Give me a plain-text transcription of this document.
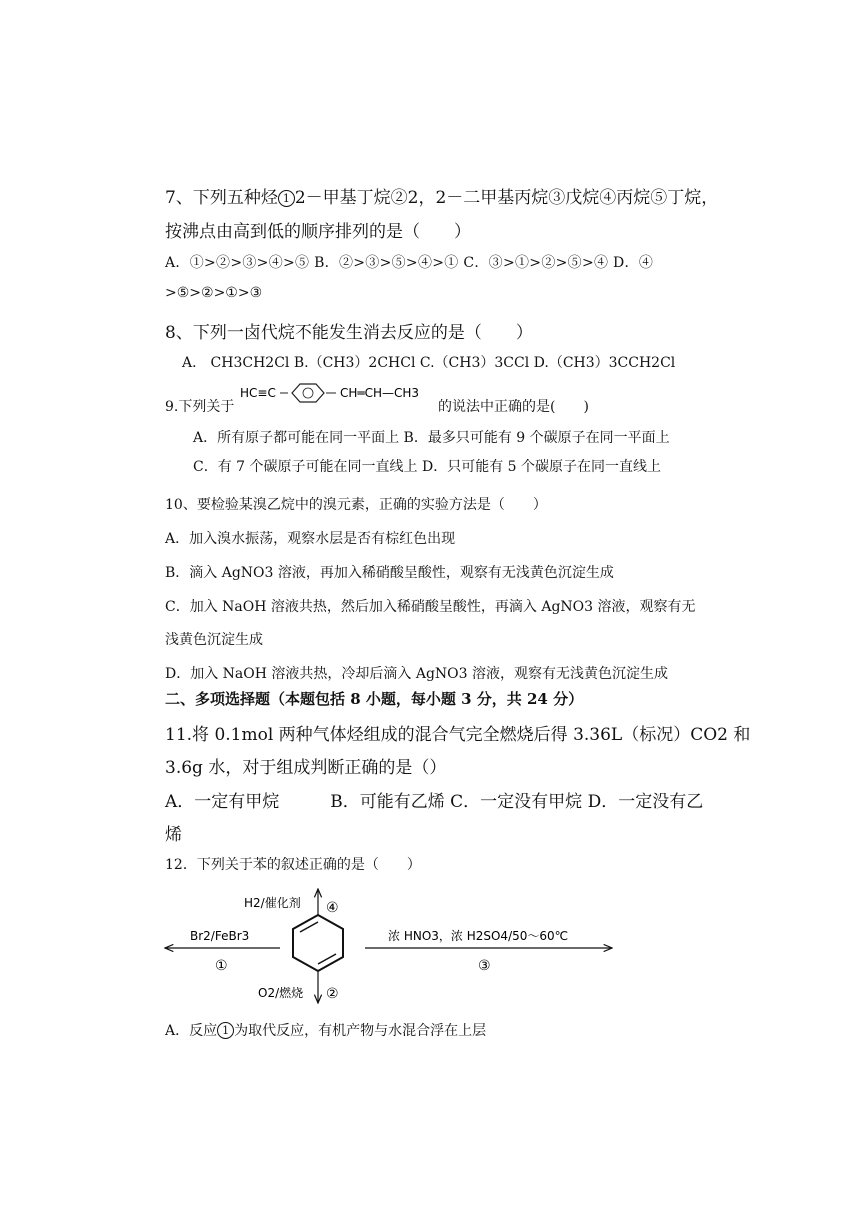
7、下列五种烃 1 2－甲基丁烷②2，2－二甲基丙烷③戊烷④丙烷⑤丁烷，
按沸点由高到低的顺序排列的是（　　）
A．①>②>③>④>⑤ B．②>③>⑤>④>① C．③>①>②>⑤>④ D．④
>⑤>②>①>③
8、下列一卤代烷不能发生消去反应的是（　　）
A． CH3CH2Cl B.（CH3）2CHCl C.（CH3）3CCl D.（CH3）3CCH2Cl
9.下列关于
HC≡C	CH═CH—CH3
的说法中正确的是(　　)
A．所有原子都可能在同一平面上 B．最多只可能有 9 个碳原子在同一平面上
C．有 7 个碳原子可能在同一直线上 D．只可能有 5 个碳原子在同一直线上
10、要检验某溴乙烷中的溴元素，正确的实验方法是（　　）
A．加入溴水振荡，观察水层是否有棕红色出现
B．滴入 AgNO3 溶液，再加入稀硝酸呈酸性，观察有无浅黄色沉淀生成
C．加入 NaOH 溶液共热，然后加入稀硝酸呈酸性，再滴入 AgNO3 溶液，观察有无
浅黄色沉淀生成
D．加入 NaOH 溶液共热，冷却后滴入 AgNO3 溶液，观察有无浅黄色沉淀生成
二、多项选择题（本题包括 8 小题，每小题 3 分，共 24 分）
11.将 0.1mol 两种气体烃组成的混合气完全燃烧后得 3.36L（标况）CO2 和
3.6g 水，对于组成判断正确的是（）
A．一定有甲烷　　　B．可能有乙烯 C．一定没有甲烷 D．一定没有乙
烯
12．下列关于苯的叙述正确的是（　　）
Br2/FeBr3
①
H2/催化剂 ④
O2/燃烧 ②
浓 HNO3，浓 H2SO4/50～60℃
③
A．反应 1 为取代反应，有机产物与水混合浮在上层
